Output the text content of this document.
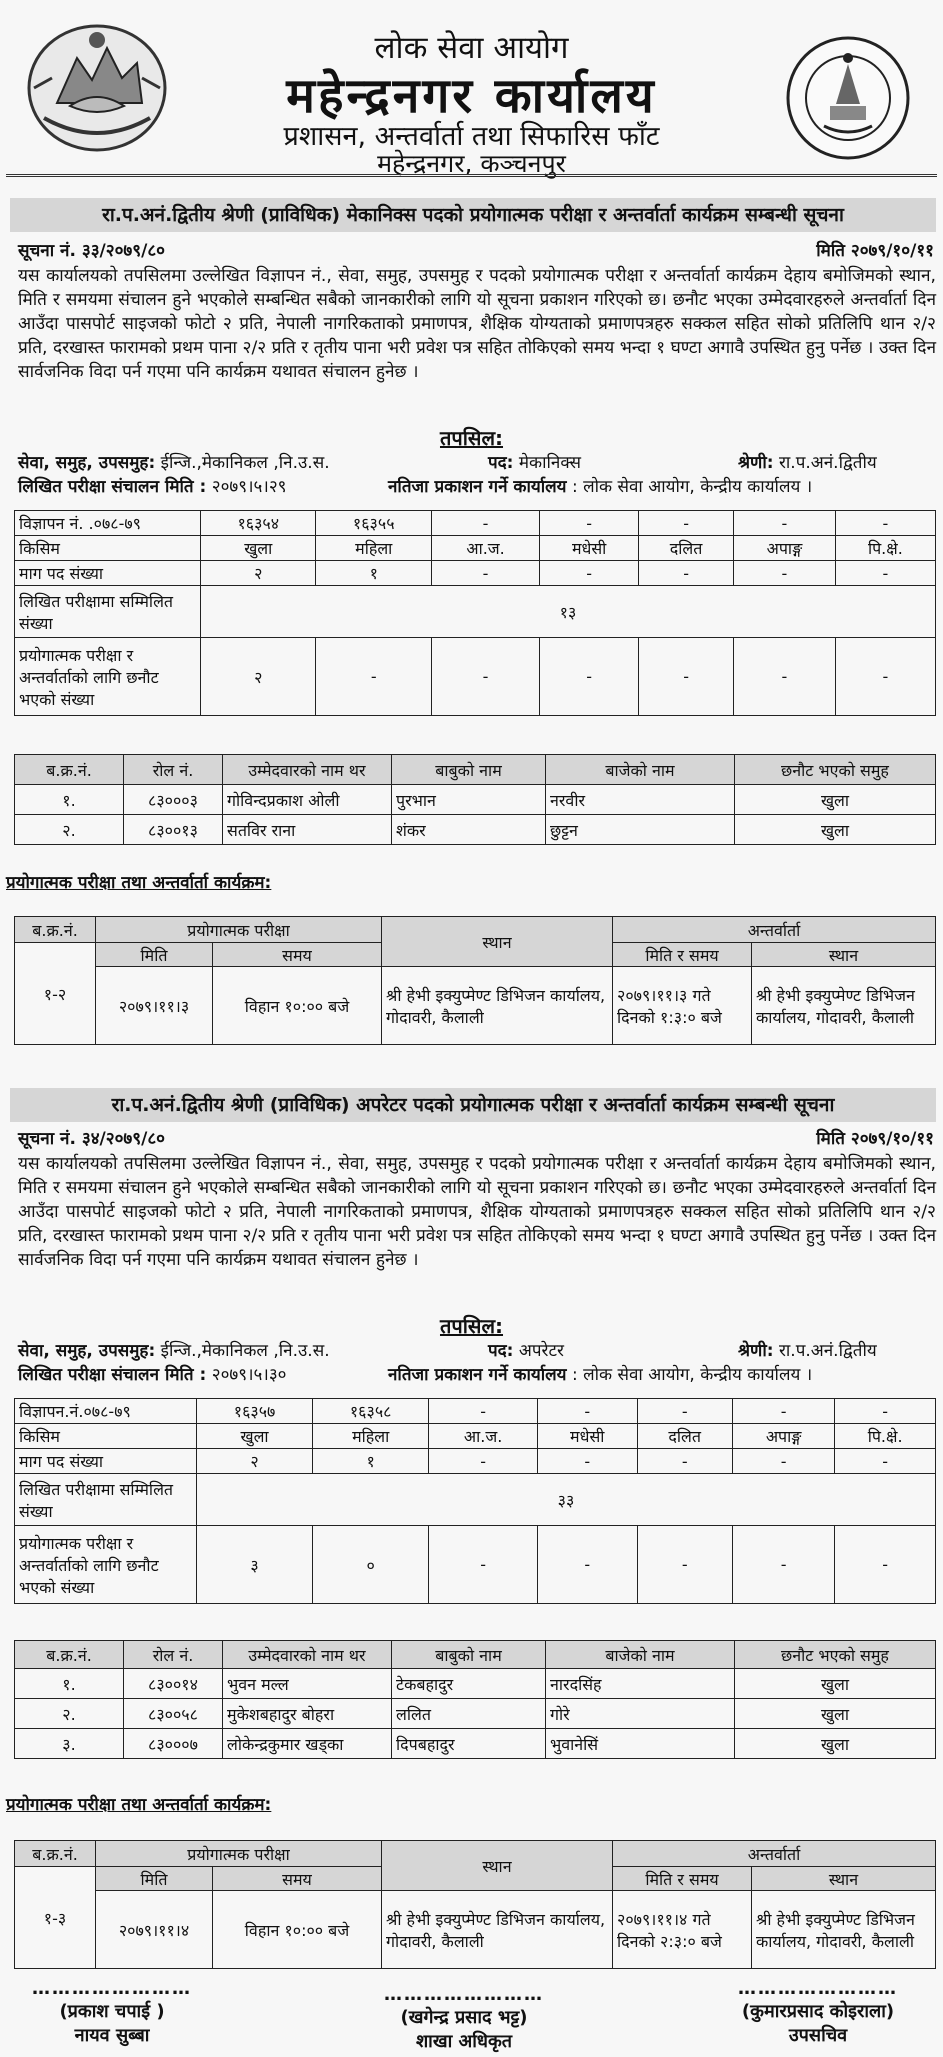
लोक सेवा आयोग
महेन्द्रनगर कार्यालय
प्रशासन, अन्तर्वार्ता तथा सिफारिस फाँट
महेन्द्रनगर, कञ्चनपुर
रा.प.अनं.द्वितीय श्रेणी (प्राविधिक) मेकानिक्स पदको प्रयोगात्मक परीक्षा र अन्तर्वार्ता कार्यक्रम सम्बन्धी सूचना
सूचना नं. ३३/२०७९/८०	मिति २०७९/१०/११
यस कार्यालयको तपसिलमा उल्लेखित विज्ञापन नं., सेवा, समुह, उपसमुह र पदको प्रयोगात्मक परीक्षा र अन्तर्वार्ता कार्यक्रम देहाय बमोजिमको स्थान, मिति र समयमा संचालन हुने भएकोले सम्बन्धित सबैको जानकारीको लागि यो सूचना प्रकाशन गरिएको छ। छनौट भएका उम्मेदवारहरुले अन्तर्वार्ता दिन आउँदा पासपोर्ट साइजको फोटो २ प्रति, नेपाली नागरिकताको प्रमाणपत्र, शैक्षिक योग्यताको प्रमाणपत्रहरु सक्कल सहित सोको प्रतिलिपि थान २/२ प्रति, दरखास्त फारामको प्रथम पाना २/२ प्रति र तृतीय पाना भरी प्रवेश पत्र सहित तोकिएको समय भन्दा १ घण्टा अगावै उपस्थित हुनु पर्नेछ । उक्त दिन सार्वजनिक विदा पर्न गएमा पनि कार्यक्रम यथावत संचालन हुनेछ ।
तपसिल:
सेवा, समुह, उपसमुह: ईन्जि.,मेकानिकल ,नि.उ.स.	पद: मेकानिक्स	श्रेणी: रा.प.अनं.द्वितीय
लिखित परीक्षा संचालन मिति : २०७९।५।२९	नतिजा प्रकाशन गर्ने कार्यालय : लोक सेवा आयोग, केन्द्रीय कार्यालय ।
विज्ञापन नं. .०७८-७९	१६३५४	१६३५५	-	-	-	-	-
किसिम	खुला	महिला	आ.ज.	मधेसी	दलित	अपाङ्ग	पि.क्षे.
माग पद संख्या	२	१	-	-	-	-	-
लिखित परीक्षामा सम्मिलित संख्या	१३						
प्रयोगात्मक परीक्षा र अन्तर्वार्ताको लागि छनौट भएको संख्या	२	-	-	-	-	-	-
ब.क्र.नं.	रोल नं.	उम्मेदवारको नाम थर	बाबुको नाम	बाजेको नाम	छनौट भएको समुह
१.	८३०००३	गोविन्दप्रकाश ओली	पुरभान	नरवीर	खुला
२.	८३००१३	सतविर राना	शंकर	छुट्टन	खुला
प्रयोगात्मक परीक्षा तथा अन्तर्वार्ता कार्यक्रम:
ब.क्र.नं.	प्रयोगात्मक परीक्षा		स्थान	अन्तर्वार्ता	
१-२	मिति	समय		मिति र समय	स्थान
	२०७९।११।३	विहान १०:०० बजे	श्री हेभी इक्युप्मेण्ट डिभिजन कार्यालय, गोदावरी, कैलाली	२०७९।११।३ गते दिनको १:३:० बजे	श्री हेभी इक्युप्मेण्ट डिभिजन कार्यालय, गोदावरी, कैलाली
रा.प.अनं.द्वितीय श्रेणी (प्राविधिक) अपरेटर पदको प्रयोगात्मक परीक्षा र अन्तर्वार्ता कार्यक्रम सम्बन्धी सूचना
सूचना नं. ३४/२०७९/८०	मिति २०७९/१०/११
यस कार्यालयको तपसिलमा उल्लेखित विज्ञापन नं., सेवा, समुह, उपसमुह र पदको प्रयोगात्मक परीक्षा र अन्तर्वार्ता कार्यक्रम देहाय बमोजिमको स्थान, मिति र समयमा संचालन हुने भएकोले सम्बन्धित सबैको जानकारीको लागि यो सूचना प्रकाशन गरिएको छ। छनौट भएका उम्मेदवारहरुले अन्तर्वार्ता दिन आउँदा पासपोर्ट साइजको फोटो २ प्रति, नेपाली नागरिकताको प्रमाणपत्र, शैक्षिक योग्यताको प्रमाणपत्रहरु सक्कल सहित सोको प्रतिलिपि थान २/२ प्रति, दरखास्त फारामको प्रथम पाना २/२ प्रति र तृतीय पाना भरी प्रवेश पत्र सहित तोकिएको समय भन्दा १ घण्टा अगावै उपस्थित हुनु पर्नेछ । उक्त दिन सार्वजनिक विदा पर्न गएमा पनि कार्यक्रम यथावत संचालन हुनेछ ।
तपसिल:
सेवा, समुह, उपसमुह: ईन्जि.,मेकानिकल ,नि.उ.स.	पद: अपरेटर	श्रेणी: रा.प.अनं.द्वितीय
लिखित परीक्षा संचालन मिति : २०७९।५।३०	नतिजा प्रकाशन गर्ने कार्यालय : लोक सेवा आयोग, केन्द्रीय कार्यालय ।
विज्ञापन.नं.०७८-७९	१६३५७	१६३५८	-	-	-	-	-
किसिम	खुला	महिला	आ.ज.	मधेसी	दलित	अपाङ्ग	पि.क्षे.
माग पद संख्या	२	१	-	-	-	-	-
लिखित परीक्षामा सम्मिलित संख्या	३३						
प्रयोगात्मक परीक्षा र अन्तर्वार्ताको लागि छनौट भएको संख्या	३	०	-	-	-	-	-
ब.क्र.नं.	रोल नं.	उम्मेदवारको नाम थर	बाबुको नाम	बाजेको नाम	छनौट भएको समुह
१.	८३००१४	भुवन मल्ल	टेकबहादुर	नारदसिंह	खुला
२.	८३००५८	मुकेशबहादुर बोहरा	ललित	गोरे	खुला
३.	८३०००७	लोकेन्द्रकुमार खड्का	दिपबहादुर	भुवानेसिं	खुला
प्रयोगात्मक परीक्षा तथा अन्तर्वार्ता कार्यक्रम:
ब.क्र.नं.	प्रयोगात्मक परीक्षा		स्थान	अन्तर्वार्ता	
१-३	मिति	समय		मिति र समय	स्थान
	२०७९।११।४	विहान १०:०० बजे	श्री हेभी इक्युप्मेण्ट डिभिजन कार्यालय, गोदावरी, कैलाली	२०७९।११।४ गते दिनको २:३:० बजे	श्री हेभी इक्युप्मेण्ट डिभिजन कार्यालय, गोदावरी, कैलाली
……………………
(प्रकाश चपाई )
नायव सुब्बा
……………………
(खगेन्द्र प्रसाद भट्ट)
शाखा अधिकृत
……………………
(कुमारप्रसाद कोइराला)
उपसचिव
